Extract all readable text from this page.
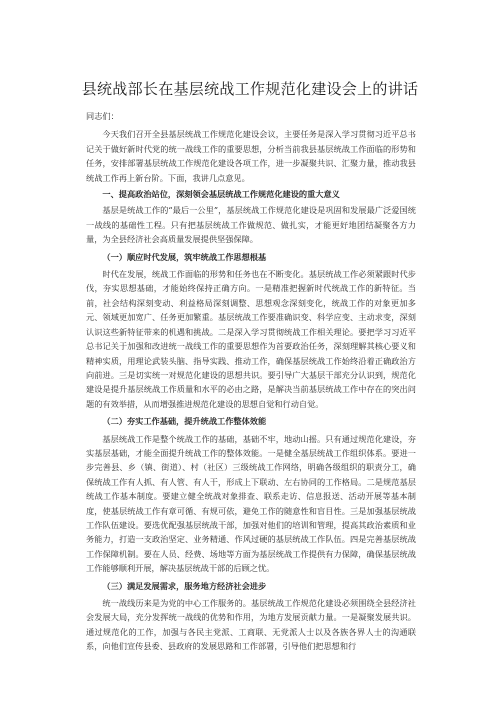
县统战部长在基层统战工作规范化建设会上的讲话

同志们：

今天我们召开全县基层统战工作规范化建设会议，主要任务是深入学习贯彻习近平总书记关于做好新时代党的统一战线工作的重要思想，分析当前我县基层统战工作面临的形势和任务，安排部署基层统战工作规范化建设各项工作，进一步凝聚共识、汇聚力量，推动我县统战工作再上新台阶。下面，我讲几点意见。

一、提高政治站位，深刻领会基层统战工作规范化建设的重大意义

基层是统战工作的“最后一公里”，基层统战工作规范化建设是巩固和发展最广泛爱国统一战线的基础性工程。只有把基层统战工作做规范、做扎实，才能更好地团结凝聚各方力量，为全县经济社会高质量发展提供坚强保障。

（一）顺应时代发展，筑牢统战工作思想根基

时代在发展，统战工作面临的形势和任务也在不断变化。基层统战工作必须紧跟时代步伐，夯实思想基础，才能始终保持正确方向。一是精准把握新时代统战工作的新特征。当前，社会结构深刻变动、利益格局深刻调整、思想观念深刻变化，统战工作的对象更加多元、领域更加宽广、任务更加繁重。基层统战工作要准确识变、科学应变、主动求变，深刻认识这些新特征带来的机遇和挑战。二是深入学习贯彻统战工作相关理论。要把学习习近平总书记关于加强和改进统一战线工作的重要思想作为首要政治任务，深刻理解其核心要义和精神实质，用理论武装头脑、指导实践、推动工作，确保基层统战工作始终沿着正确政治方向前进。三是切实统一对规范化建设的思想共识。要引导广大基层干部充分认识到，规范化建设是提升基层统战工作质量和水平的必由之路，是解决当前基层统战工作中存在的突出问题的有效举措，从而增强推进规范化建设的思想自觉和行动自觉。

（二）夯实工作基础，提升统战工作整体效能

基层统战工作是整个统战工作的基础，基础不牢，地动山摇。只有通过规范化建设，夯实基层基础，才能全面提升统战工作的整体效能。一是健全基层统战工作组织体系。要进一步完善县、乡（镇、街道）、村（社区）三级统战工作网络，明确各级组织的职责分工，确保统战工作有人抓、有人管、有人干，形成上下联动、左右协同的工作格局。二是规范基层统战工作基本制度。要建立健全统战对象排查、联系走访、信息报送、活动开展等基本制度，使基层统战工作有章可循、有规可依，避免工作的随意性和盲目性。三是加强基层统战工作队伍建设。要选优配强基层统战干部，加强对他们的培训和管理，提高其政治素质和业务能力，打造一支政治坚定、业务精通、作风过硬的基层统战工作队伍。四是完善基层统战工作保障机制。要在人员、经费、场地等方面为基层统战工作提供有力保障，确保基层统战工作能够顺利开展，解决基层统战干部的后顾之忧。

（三）满足发展需求，服务地方经济社会进步

统一战线历来是为党的中心工作服务的。基层统战工作规范化建设必须围绕全县经济社会发展大局，充分发挥统一战线的优势和作用，为地方发展贡献力量。一是凝聚发展共识。通过规范化的工作，加强与各民主党派、工商联、无党派人士以及各族各界人士的沟通联系，向他们宣传县委、县政府的发展思路和工作部署，引导他们把思想和行
